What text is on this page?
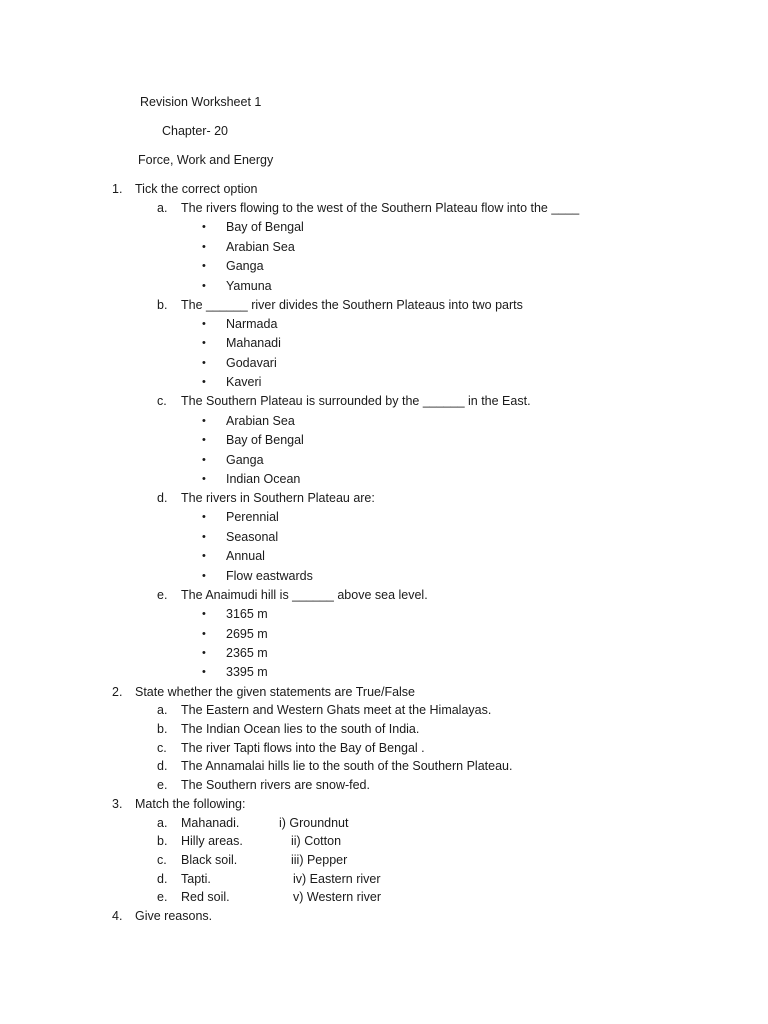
Revision Worksheet 1
Chapter- 20
Force, Work and Energy
1. Tick the correct option
a. The rivers flowing to the west of the Southern Plateau flow into the ____
• Bay of Bengal
• Arabian Sea
• Ganga
• Yamuna
b. The ______ river divides the Southern Plateaus into two parts
• Narmada
• Mahanadi
• Godavari
• Kaveri
c. The Southern Plateau is surrounded by the ______ in the East.
• Arabian Sea
• Bay of Bengal
• Ganga
• Indian Ocean
d. The rivers in Southern Plateau are:
• Perennial
• Seasonal
• Annual
• Flow eastwards
e. The Anaimudi hill is ______ above sea level.
• 3165 m
• 2695 m
• 2365 m
• 3395 m
2. State whether the given statements are True/False
a. The Eastern and Western Ghats meet at the Himalayas.
b. The Indian Ocean lies to the south of India.
c. The river Tapti flows into the Bay of Bengal .
d. The Annamalai hills lie to the south of the Southern Plateau.
e. The Southern rivers are snow-fed.
3. Match the following:
a. Mahanadi.	i) Groundnut
b. Hilly areas.	ii) Cotton
c. Black soil.	iii) Pepper
d. Tapti.	iv) Eastern river
e. Red soil.	v) Western river
4. Give reasons.
